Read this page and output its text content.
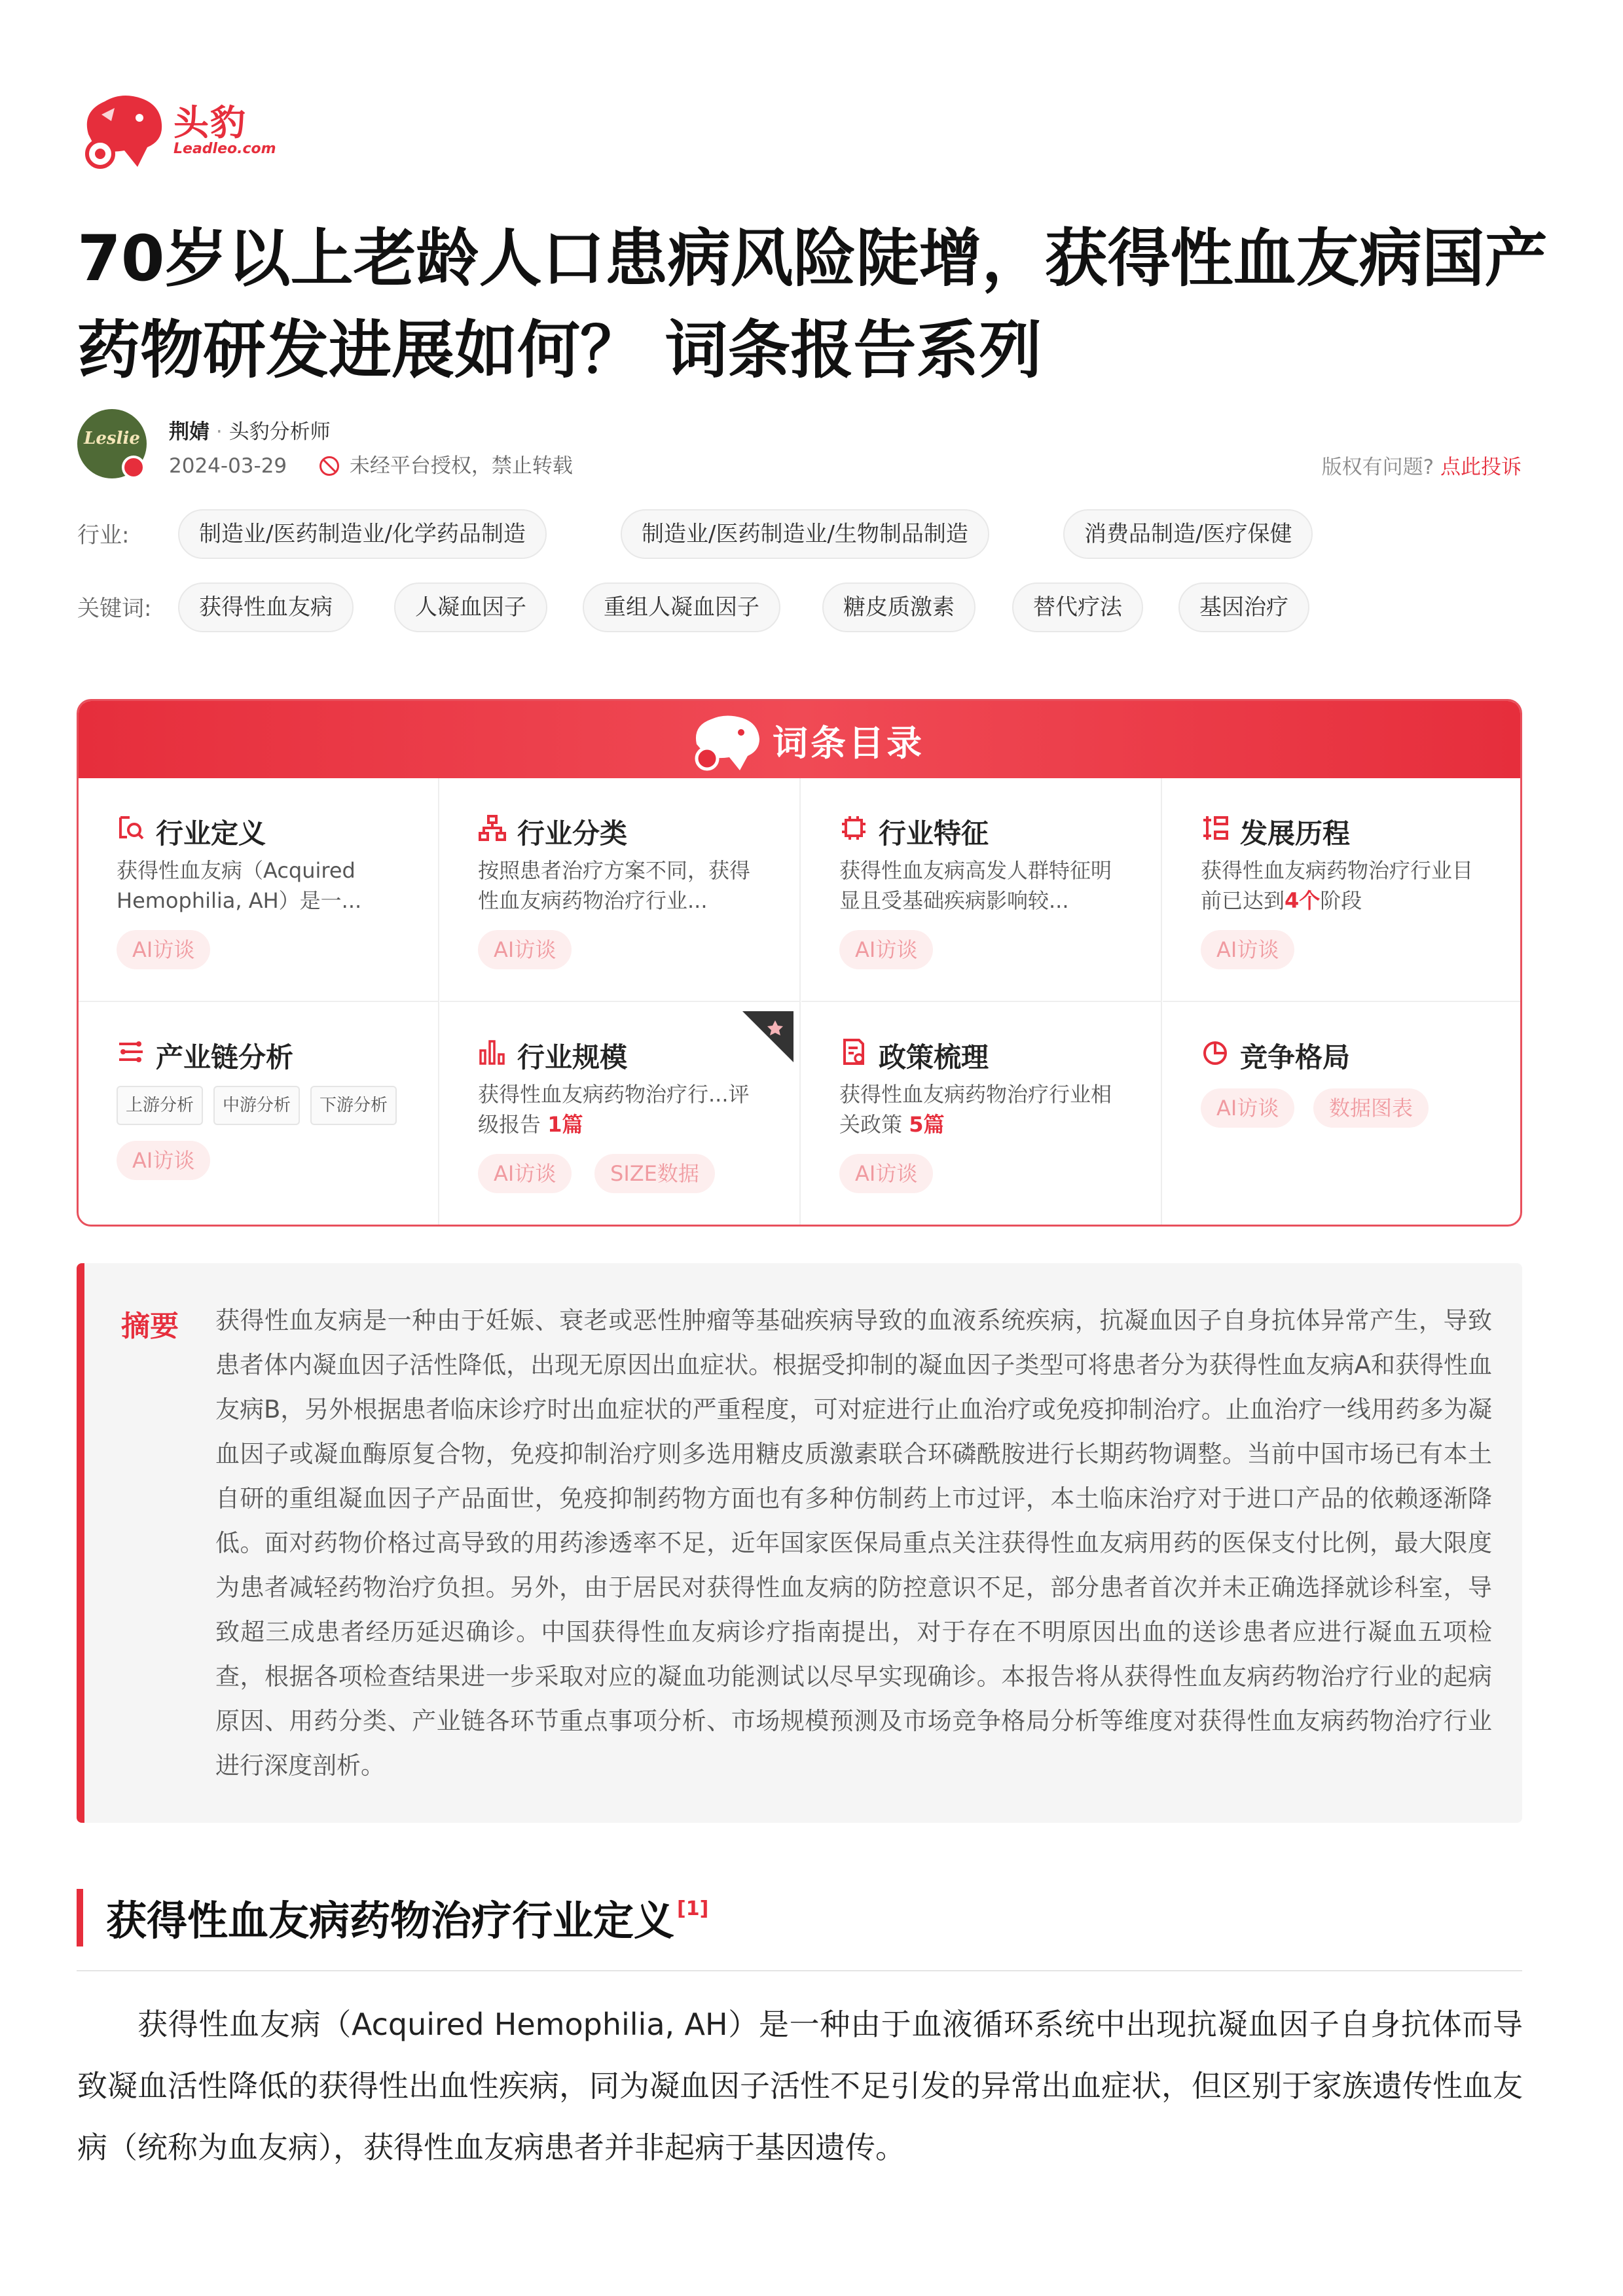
头豹
Leadleo.com
70岁以上老龄人口患病风险陡增，获得性血友病国产药物研发进展如何？ 词条报告系列
Leslie	荆婧 · 头豹分析师
2024-03-29	未经平台授权，禁止转载	版权有问题? 点此投诉
行业:	制造业/医药制造业/化学药品制造	制造业/医药制造业/生物制品制造	消费品制造/医疗保健
关键词:	获得性血友病	人凝血因子	重组人凝血因子	糖皮质激素	替代疗法	基因治疗
词条目录
行业定义
获得性血友病（Acquired Hemophilia, AH）是一...
AI访谈
行业分类
按照患者治疗方案不同，获得性血友病药物治疗行业...
AI访谈
行业特征
获得性血友病高发人群特征明显且受基础疾病影响较...
AI访谈
发展历程
获得性血友病药物治疗行业目前已达到4个阶段
AI访谈
产业链分析
上游分析	中游分析	下游分析
AI访谈
行业规模
获得性血友病药物治疗行...评级报告 1篇
AI访谈	SIZE数据
政策梳理
获得性血友病药物治疗行业相关政策 5篇
AI访谈
竞争格局
AI访谈	数据图表
摘要 获得性血友病是一种由于妊娠、衰老或恶性肿瘤等基础疾病导致的血液系统疾病，抗凝血因子自身抗体异常产生，导致患者体内凝血因子活性降低，出现无原因出血症状。根据受抑制的凝血因子类型可将患者分为获得性血友病A和获得性血友病B，另外根据患者临床诊疗时出血症状的严重程度，可对症进行止血治疗或免疫抑制治疗。止血治疗一线用药多为凝血因子或凝血酶原复合物，免疫抑制治疗则多选用糖皮质激素联合环磷酰胺进行长期药物调整。当前中国市场已有本土自研的重组凝血因子产品面世，免疫抑制药物方面也有多种仿制药上市过评，本土临床治疗对于进口产品的依赖逐渐降低。面对药物价格过高导致的用药渗透率不足，近年国家医保局重点关注获得性血友病用药的医保支付比例，最大限度为患者减轻药物治疗负担。另外，由于居民对获得性血友病的防控意识不足，部分患者首次并未正确选择就诊科室，导致超三成患者经历延迟确诊。中国获得性血友病诊疗指南提出，对于存在不明原因出血的送诊患者应进行凝血五项检查，根据各项检查结果进一步采取对应的凝血功能测试以尽早实现确诊。本报告将从获得性血友病药物治疗行业的起病原因、用药分类、产业链各环节重点事项分析、市场规模预测及市场竞争格局分析等维度对获得性血友病药物治疗行业进行深度剖析。
获得性血友病药物治疗行业定义 [1]
获得性血友病（Acquired Hemophilia, AH）是一种由于血液循环系统中出现抗凝血因子自身抗体而导致凝血活性降低的获得性出血性疾病，同为凝血因子活性不足引发的异常出血症状，但区别于家族遗传性血友病（统称为血友病），获得性血友病患者并非起病于基因遗传。
